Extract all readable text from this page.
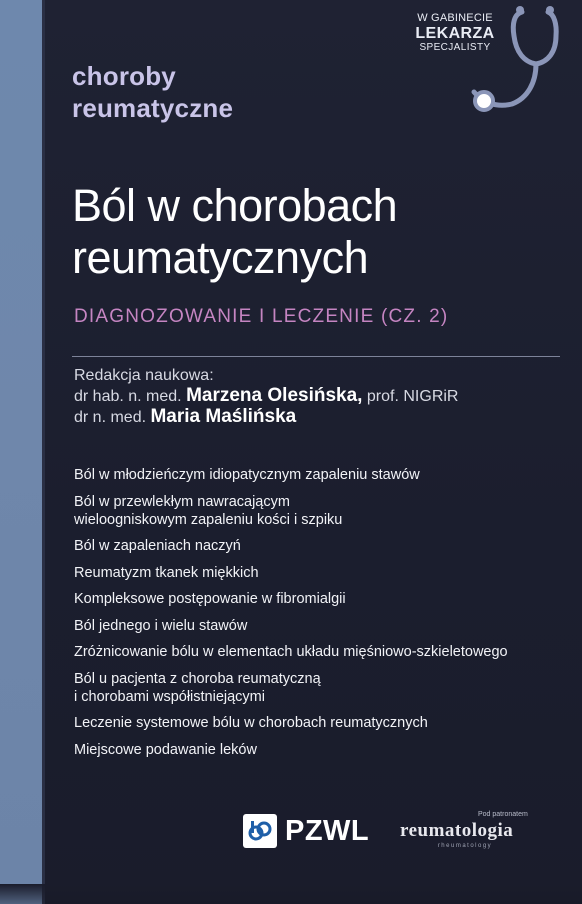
choroby
reumatyczne
W GABINECIE
LEKARZA
SPECJALISTY
Ból w chorobach
reumatycznych
DIAGNOZOWANIE I LECZENIE (CZ. 2)
Redakcja naukowa:
dr hab. n. med. Marzena Olesińska, prof. NIGRiR
dr n. med. Maria Maślińska
Ból w młodzieńczym idiopatycznym zapaleniu stawów
Ból w przewlekłym nawracającym
wieloogniskowym zapaleniu kości i szpiku
Ból w zapaleniach naczyń
Reumatyzm tkanek miękkich
Kompleksowe postępowanie w fibromialgii
Ból jednego i wielu stawów
Zróżnicowanie bólu w elementach układu mięśniowo-szkieletowego
Ból u pacjenta z choroba reumatyczną
i chorobami współistniejącymi
Leczenie systemowe bólu w chorobach reumatycznych
Miejscowe podawanie leków
PZWL	Pod patronatem
reumatologia
rheumatology
